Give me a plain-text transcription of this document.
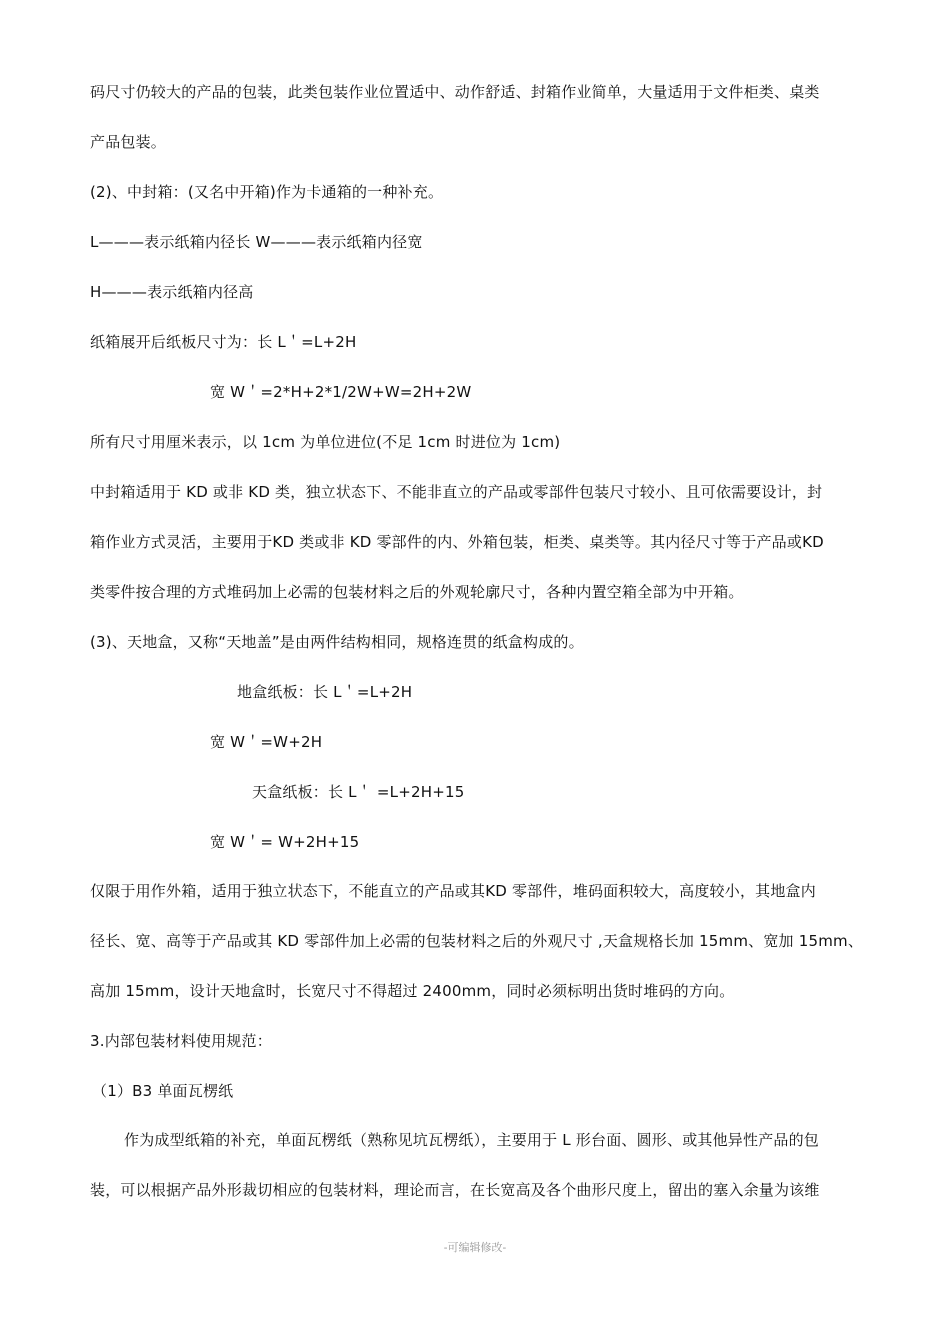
码尺寸仍较大的产品的包装，此类包装作业位置适中、动作舒适、封箱作业简单，大量适用于文件柜类、桌类
产品包装。
(2)、中封箱：(又名中开箱)作为卡通箱的一种补充。
L———表示纸箱内径长 W———表示纸箱内径宽
H———表示纸箱内径高
纸箱展开后纸板尺寸为：长 L＇=L+2H
宽 W＇=2*H+2*1/2W+W=2H+2W
所有尺寸用厘米表示，以 1cm 为单位进位(不足 1cm 时进位为 1cm)
中封箱适用于 KD 或非 KD 类，独立状态下、不能非直立的产品或零部件包装尺寸较小、且可依需要设计，封
箱作业方式灵活，主要用于KD 类或非 KD 零部件的内、外箱包装，柜类、桌类等。其内径尺寸等于产品或KD
类零件按合理的方式堆码加上必需的包装材料之后的外观轮廓尺寸，各种内置空箱全部为中开箱。
(3)、天地盒，又称“天地盖”是由两件结构相同，规格连贯的纸盒构成的。
地盒纸板：长 L＇=L+2H
宽 W＇=W+2H
天盒纸板：长 L＇ =L+2H+15
宽 W＇= W+2H+15
仅限于用作外箱，适用于独立状态下，不能直立的产品或其KD 零部件，堆码面积较大，高度较小，其地盒内
径长、宽、高等于产品或其 KD 零部件加上必需的包装材料之后的外观尺寸 ,天盒规格长加 15mm、宽加 15mm、
高加 15mm，设计天地盒时，长宽尺寸不得超过 2400mm，同时必须标明出货时堆码的方向。
3.内部包装材料使用规范：
（1）B3 单面瓦楞纸
作为成型纸箱的补充，单面瓦楞纸（熟称见坑瓦楞纸），主要用于 L 形台面、圆形、或其他异性产品的包
装，可以根据产品外形裁切相应的包装材料，理论而言，在长宽高及各个曲形尺度上，留出的塞入余量为该维
-可编辑修改-
